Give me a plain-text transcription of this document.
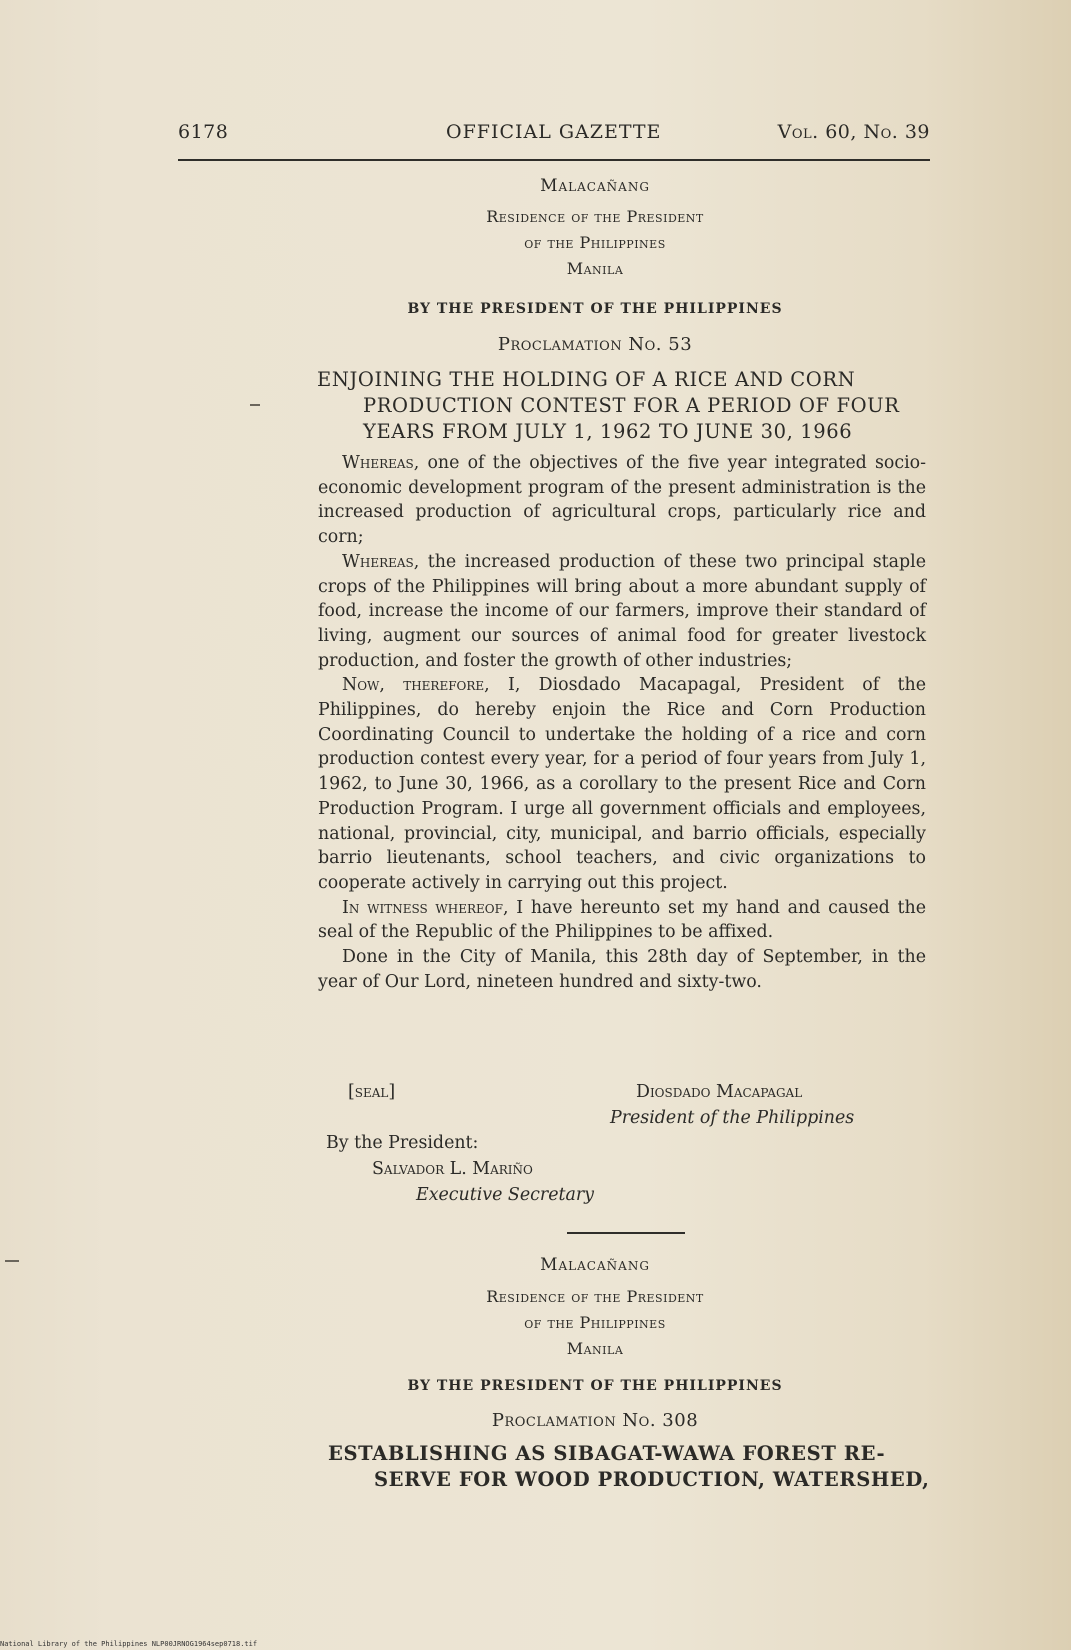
6178	OFFICIAL GAZETTE	Vol. 60, No. 39
Malacañang
Residence of the President
of the Philippines
Manila
BY THE PRESIDENT OF THE PHILIPPINES
Proclamation No. 53
ENJOINING THE HOLDING OF A RICE AND CORN
PRODUCTION CONTEST FOR A PERIOD OF FOUR
YEARS FROM JULY 1, 1962 TO JUNE 30, 1966

Whereas, one of the objectives of the five year integrated socio-economic development program of the present administration is the increased production of agricultural crops, particularly rice and corn;

Whereas, the increased production of these two principal staple crops of the Philippines will bring about a more abundant supply of food, increase the income of our farmers, improve their standard of living, augment our sources of animal food for greater livestock production, and foster the growth of other industries;

Now, therefore, I, Diosdado Macapagal, President of the Philippines, do hereby enjoin the Rice and Corn Production Coordinating Council to undertake the holding of a rice and corn production contest every year, for a period of four years from July 1, 1962, to June 30, 1966, as a corollary to the present Rice and Corn Production Program. I urge all government officials and employees, national, provincial, city, municipal, and barrio officials, especially barrio lieutenants, school teachers, and civic organizations to cooperate actively in carrying out this project.

In witness whereof, I have hereunto set my hand and caused the seal of the Republic of the Philippines to be affixed.

Done in the City of Manila, this 28th day of September, in the year of Our Lord, nineteen hundred and sixty-two.

[seal]	Diosdado Macapagal
President of the Philippines
By the President:
Salvador L. Mariño
Executive Secretary
Malacañang
Residence of the President
of the Philippines
Manila
BY THE PRESIDENT OF THE PHILIPPINES
Proclamation No. 308
ESTABLISHING AS SIBAGAT-WAWA FOREST RE-
SERVE FOR WOOD PRODUCTION, WATERSHED,
National Library of the Philippines NLP00JRNOG1964sep0718.tif
